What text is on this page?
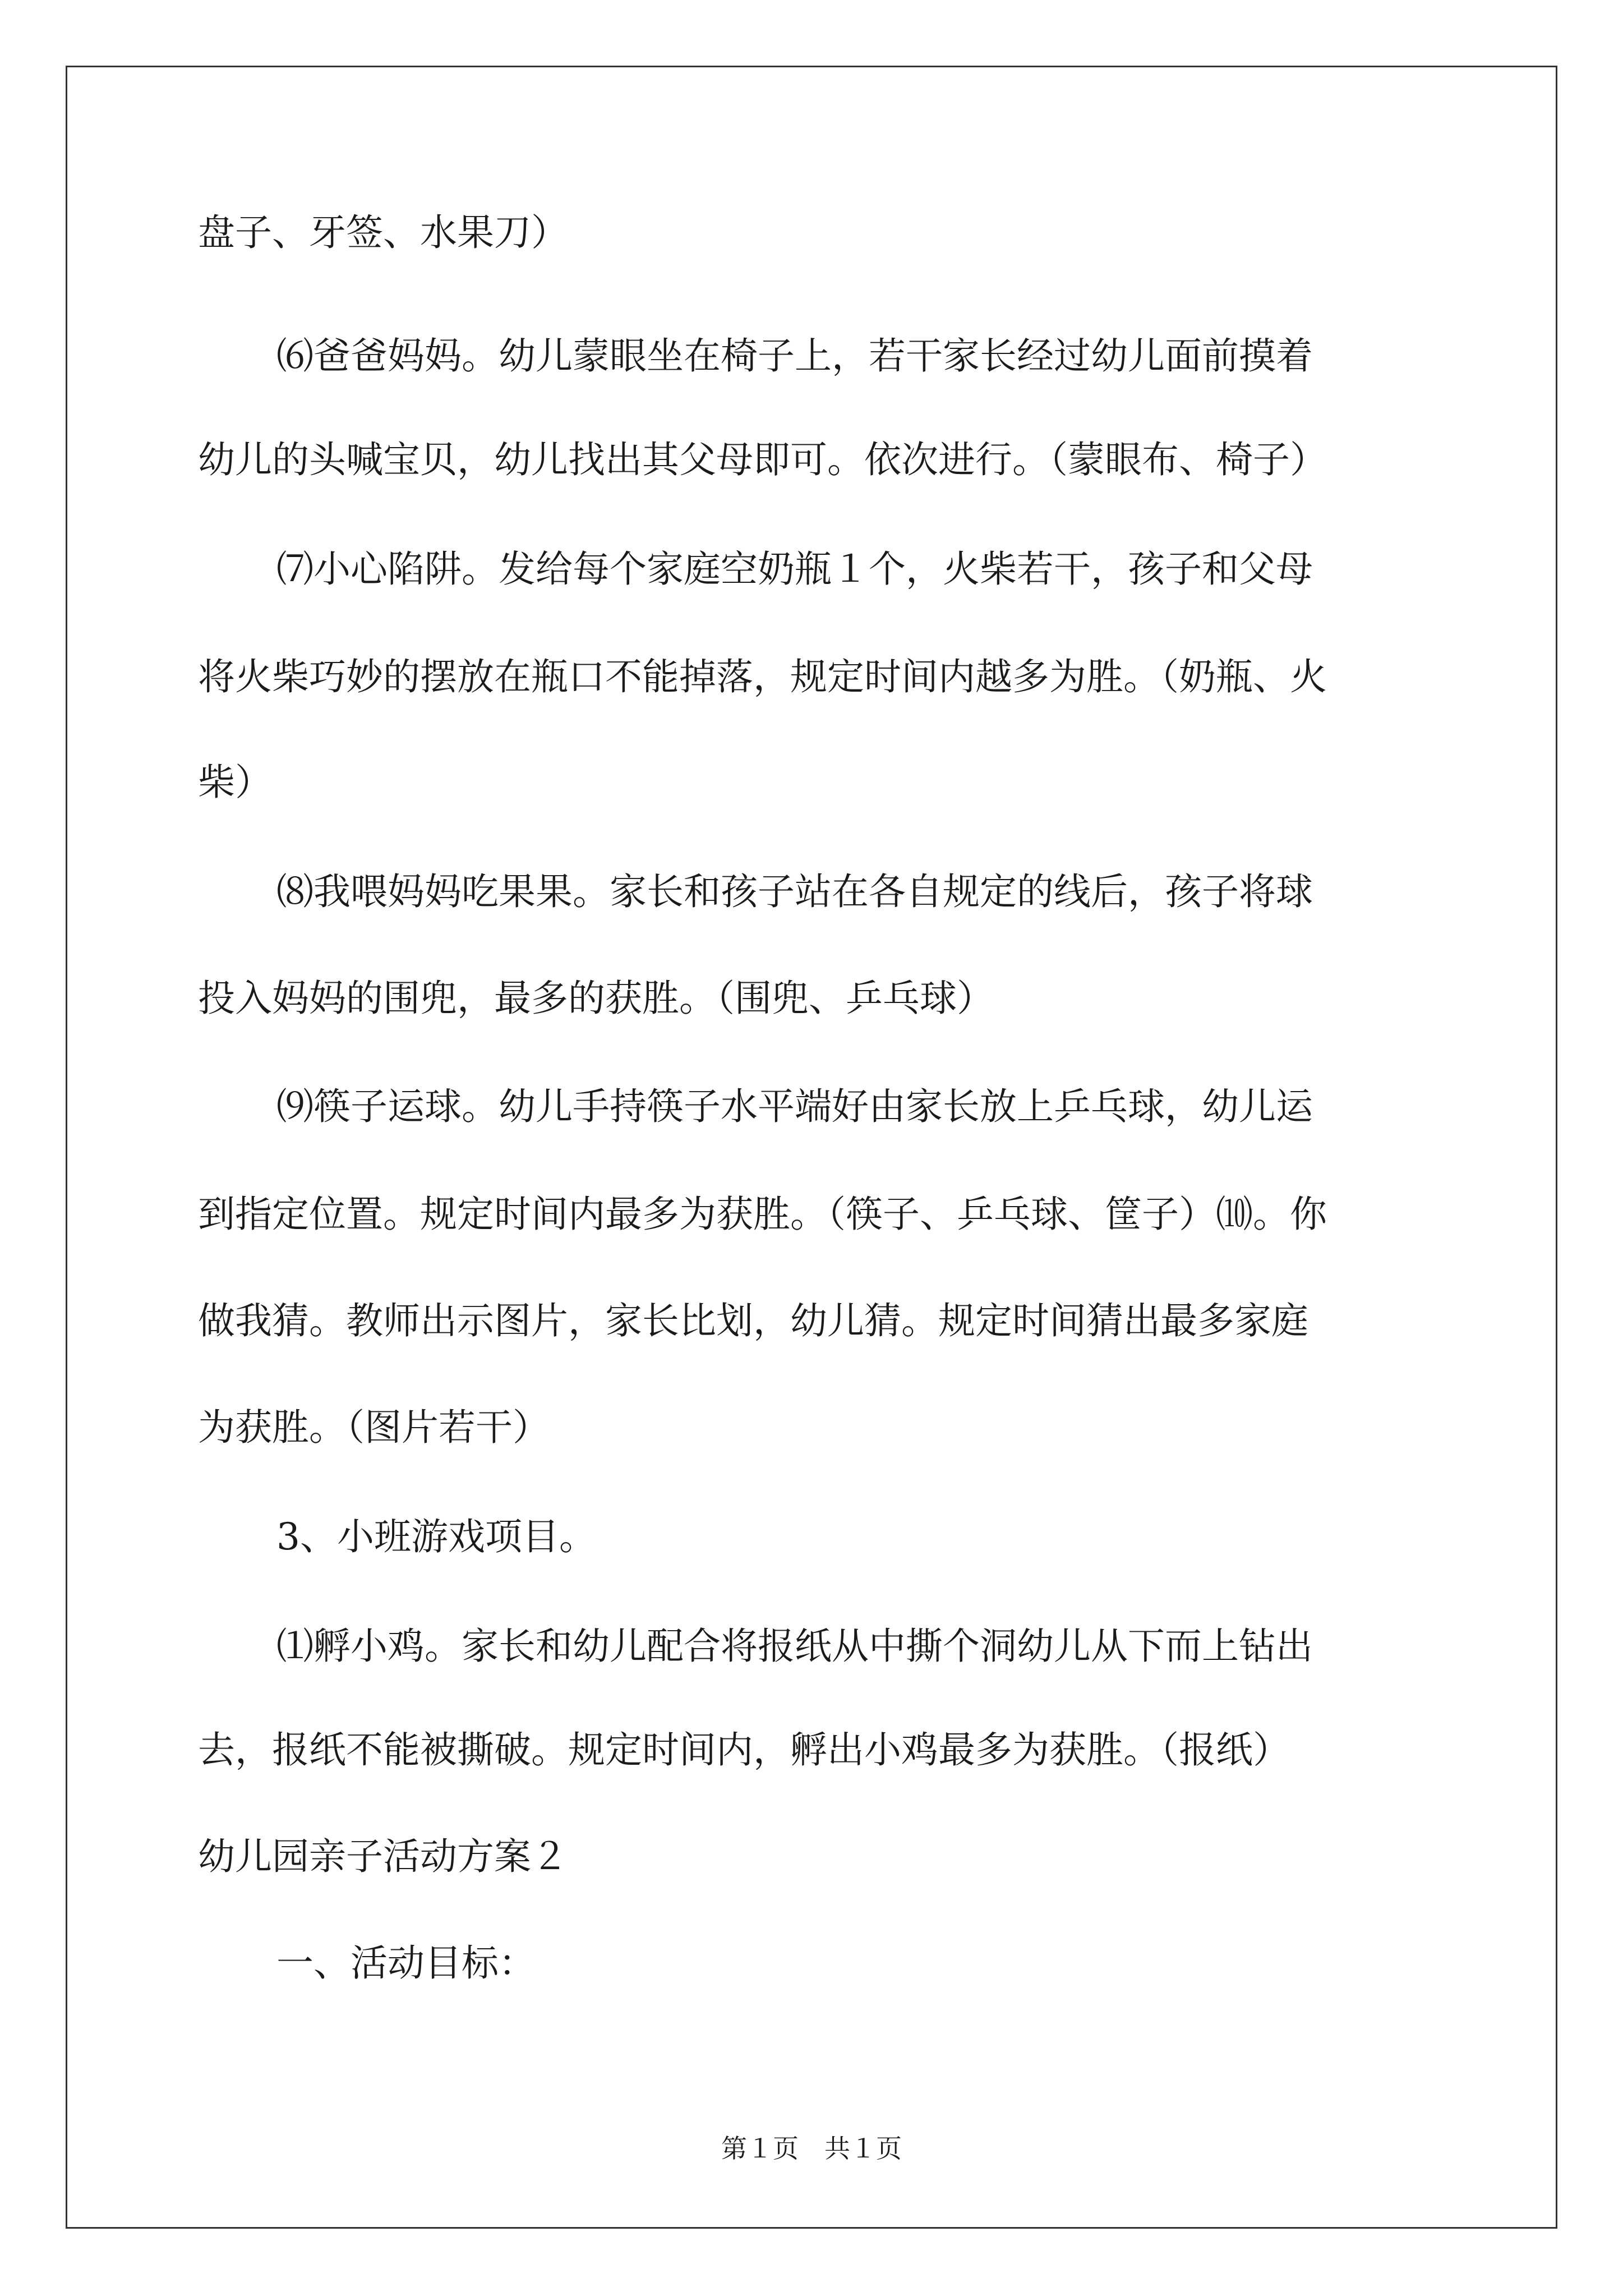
盘子、牙签、水果刀）
⑹爸爸妈妈。幼儿蒙眼坐在椅子上，若干家长经过幼儿面前摸着
幼儿的头喊宝贝，幼儿找出其父母即可。依次进行。（蒙眼布、椅子）
⑺小心陷阱。发给每个家庭空奶瓶１个，火柴若干，孩子和父母
将火柴巧妙的摆放在瓶口不能掉落，规定时间内越多为胜。（奶瓶、火
柴）
⑻我喂妈妈吃果果。家长和孩子站在各自规定的线后，孩子将球
投入妈妈的围兜，最多的获胜。（围兜、乒乓球）
⑼筷子运球。幼儿手持筷子水平端好由家长放上乒乓球，幼儿运
到指定位置。规定时间内最多为获胜。（筷子、乒乓球、筐子）⑽。你
做我猜。教师出示图片，家长比划，幼儿猜。规定时间猜出最多家庭
为获胜。（图片若干）
3、小班游戏项目。
⑴孵小鸡。家长和幼儿配合将报纸从中撕个洞幼儿从下而上钻出
去，报纸不能被撕破。规定时间内，孵出小鸡最多为获胜。（报纸）
幼儿园亲子活动方案２
一、活动目标：
第１页　共１页
